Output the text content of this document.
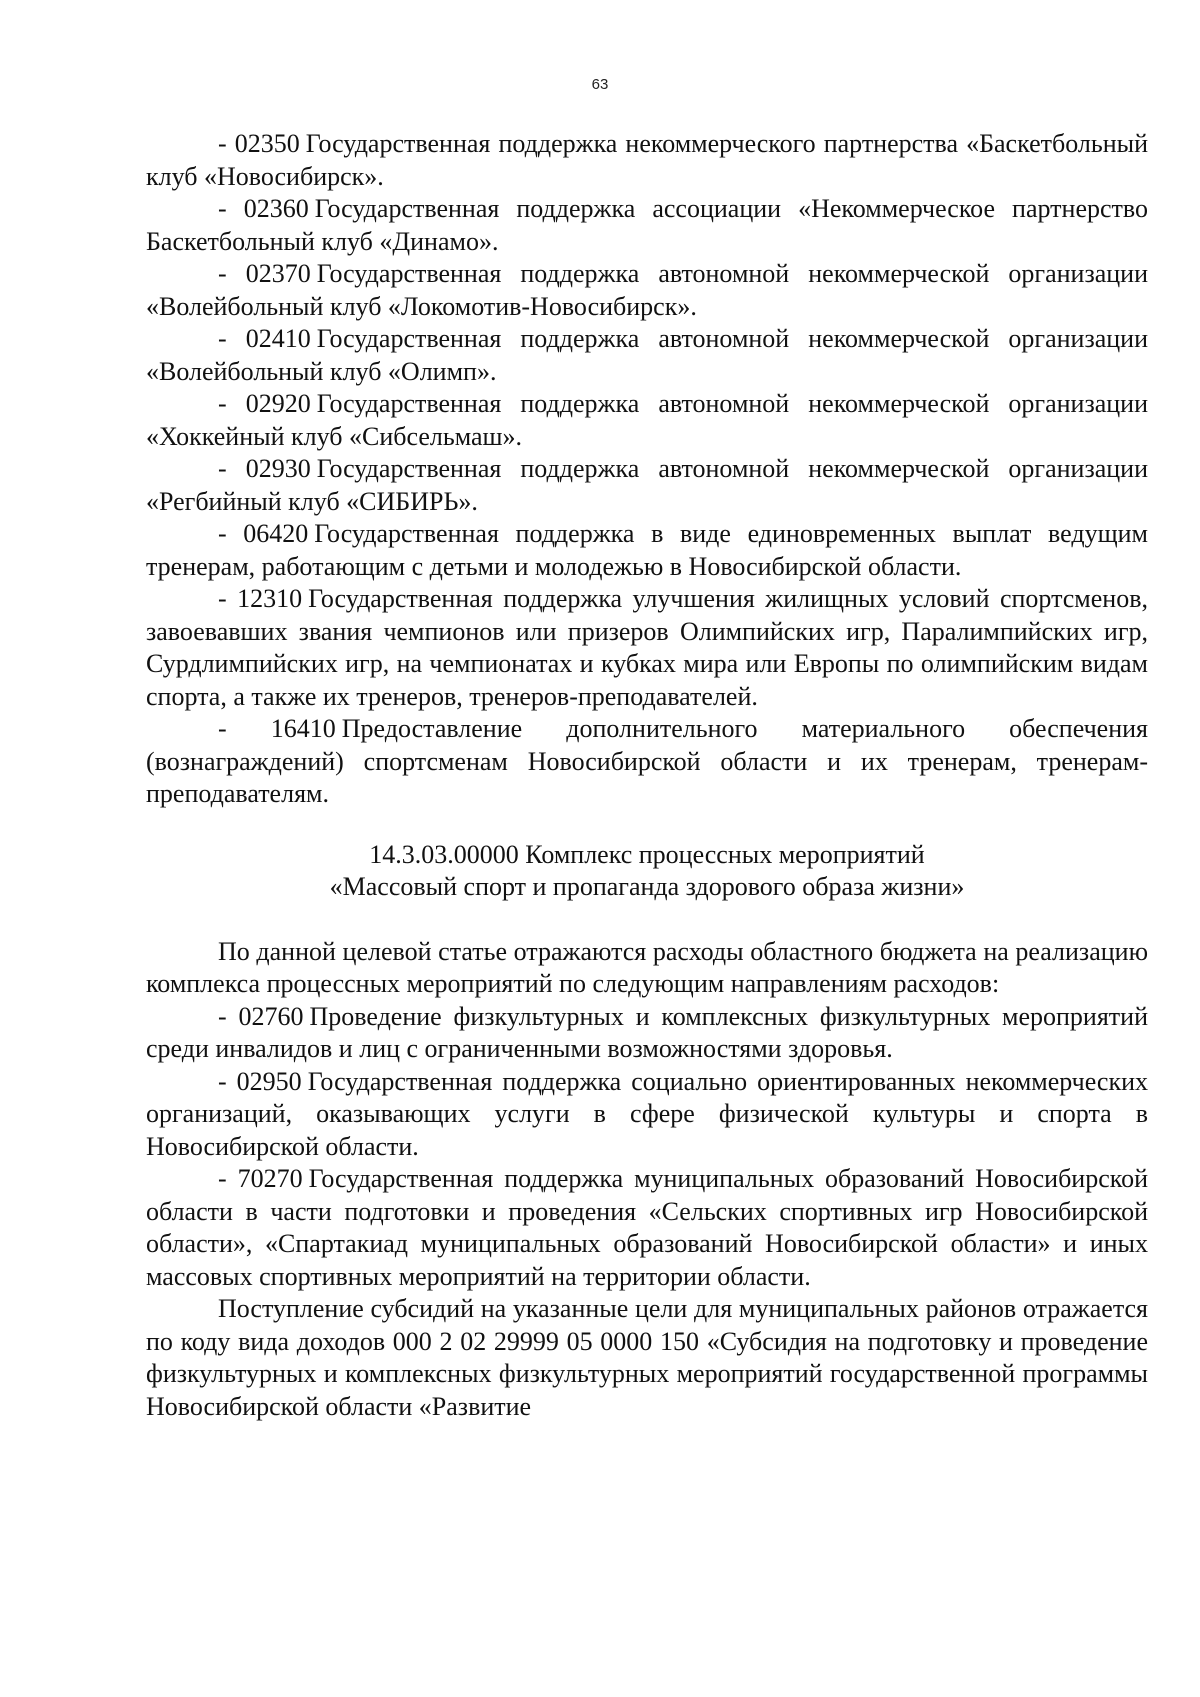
63

- 02350 Государственная поддержка некоммерческого партнерства «Баскетбольный клуб «Новосибирск».

- 02360 Государственная поддержка ассоциации «Некоммерческое партнерство Баскетбольный клуб «Динамо».

- 02370 Государственная поддержка автономной некоммерческой организации «Волейбольный клуб «Локомотив-Новосибирск».

- 02410 Государственная поддержка автономной некоммерческой организации «Волейбольный клуб «Олимп».

- 02920 Государственная поддержка автономной некоммерческой организации «Хоккейный клуб «Сибсельмаш».

- 02930 Государственная поддержка автономной некоммерческой организации «Регбийный клуб «СИБИРЬ».

- 06420 Государственная поддержка в виде единовременных выплат ведущим тренерам, работающим с детьми и молодежью в Новосибирской области.

- 12310 Государственная поддержка улучшения жилищных условий спортсменов, завоевавших звания чемпионов или призеров Олимпийских игр, Паралимпийских игр, Сурдлимпийских игр, на чемпионатах и кубках мира или Европы по олимпийским видам спорта, а также их тренеров, тренеров-преподавателей.

- 16410 Предоставление дополнительного материального обеспечения (вознаграждений) спортсменам Новосибирской области и их тренерам, тренерам-преподавателям.

14.3.03.00000 Комплекс процессных мероприятий
«Массовый спорт и пропаганда здорового образа жизни»

По данной целевой статье отражаются расходы областного бюджета на реализацию комплекса процессных мероприятий по следующим направлениям расходов:

- 02760 Проведение физкультурных и комплексных физкультурных мероприятий среди инвалидов и лиц с ограниченными возможностями здоровья.

- 02950 Государственная поддержка социально ориентированных некоммерческих организаций, оказывающих услуги в сфере физической культуры и спорта в Новосибирской области.

- 70270 Государственная поддержка муниципальных образований Новосибирской области в части подготовки и проведения «Сельских спортивных игр Новосибирской области», «Спартакиад муниципальных образований Новосибирской области» и иных массовых спортивных мероприятий на территории области.

Поступление субсидий на указанные цели для муниципальных районов отражается по коду вида доходов 000 2 02 29999 05 0000 150 «Субсидия на подготовку и проведение физкультурных и комплексных физкультурных мероприятий государственной программы Новосибирской области «Развитие
